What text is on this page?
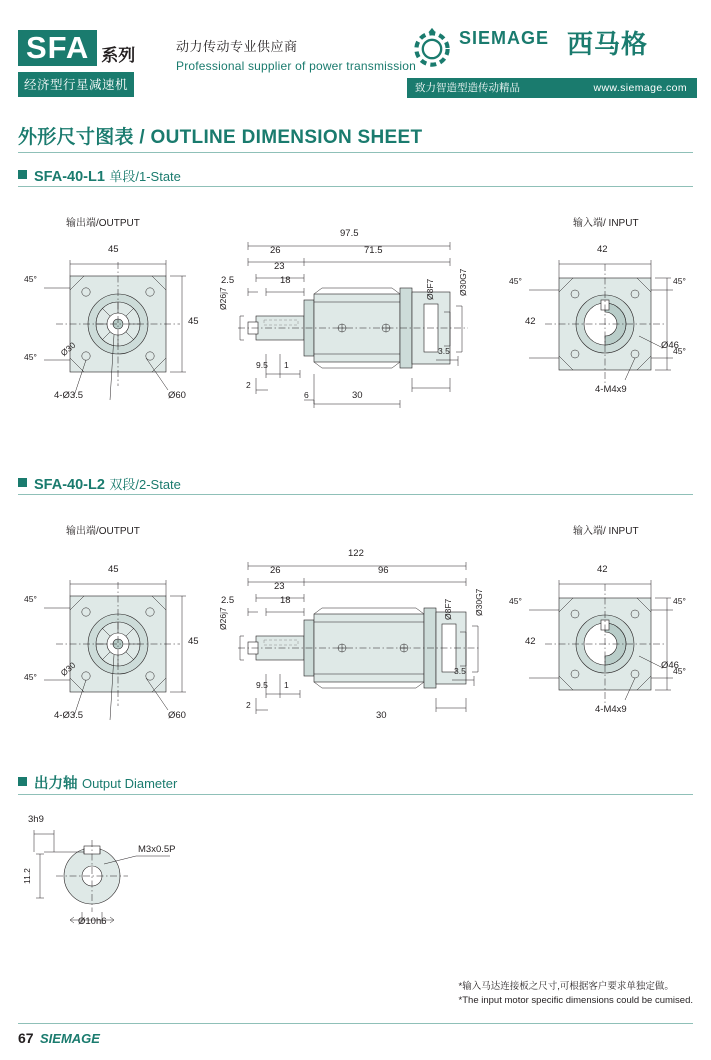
SFA 系列
经济型行星减速机
动力传动专业供应商
Professional supplier of power transmission
SIEMAGE 西马格
致力智造型造传动精品	www.siemage.com
外形尺寸图表 / OUTLINE DIMENSION SHEET
SFA-40-L1 单段/1-State
输出端/OUTPUT	输入端/ INPUT
45
45°
45°
45
4-Ø3.5	Ø60
Ø30
97.5
71.5
26
23
18
2.5
Ø26j7
9.5 1
2
6	30
3.5
Ø8F7	Ø30G7
42
45°	45°
45°
42
Ø46
4-M4x9
SFA-40-L2 双段/2-State
输出端/OUTPUT	输入端/ INPUT
45
45°
45°
45
4-Ø3.5	Ø60
Ø30
122
96
26
23
18
2.5
Ø26j7
9.5 1
2
30
3.5
Ø8F7 Ø30G7
42
45°	45°
45°
42
Ø46
4-M4x9
出力轴 Output Diameter
3h9
11.2
M3x0.5P
Ø10h6
*输入马达连接板之尺寸,可根据客户要求单独定做。
*The input motor specific dimensions could be cumised.
67 SIEMAGE
